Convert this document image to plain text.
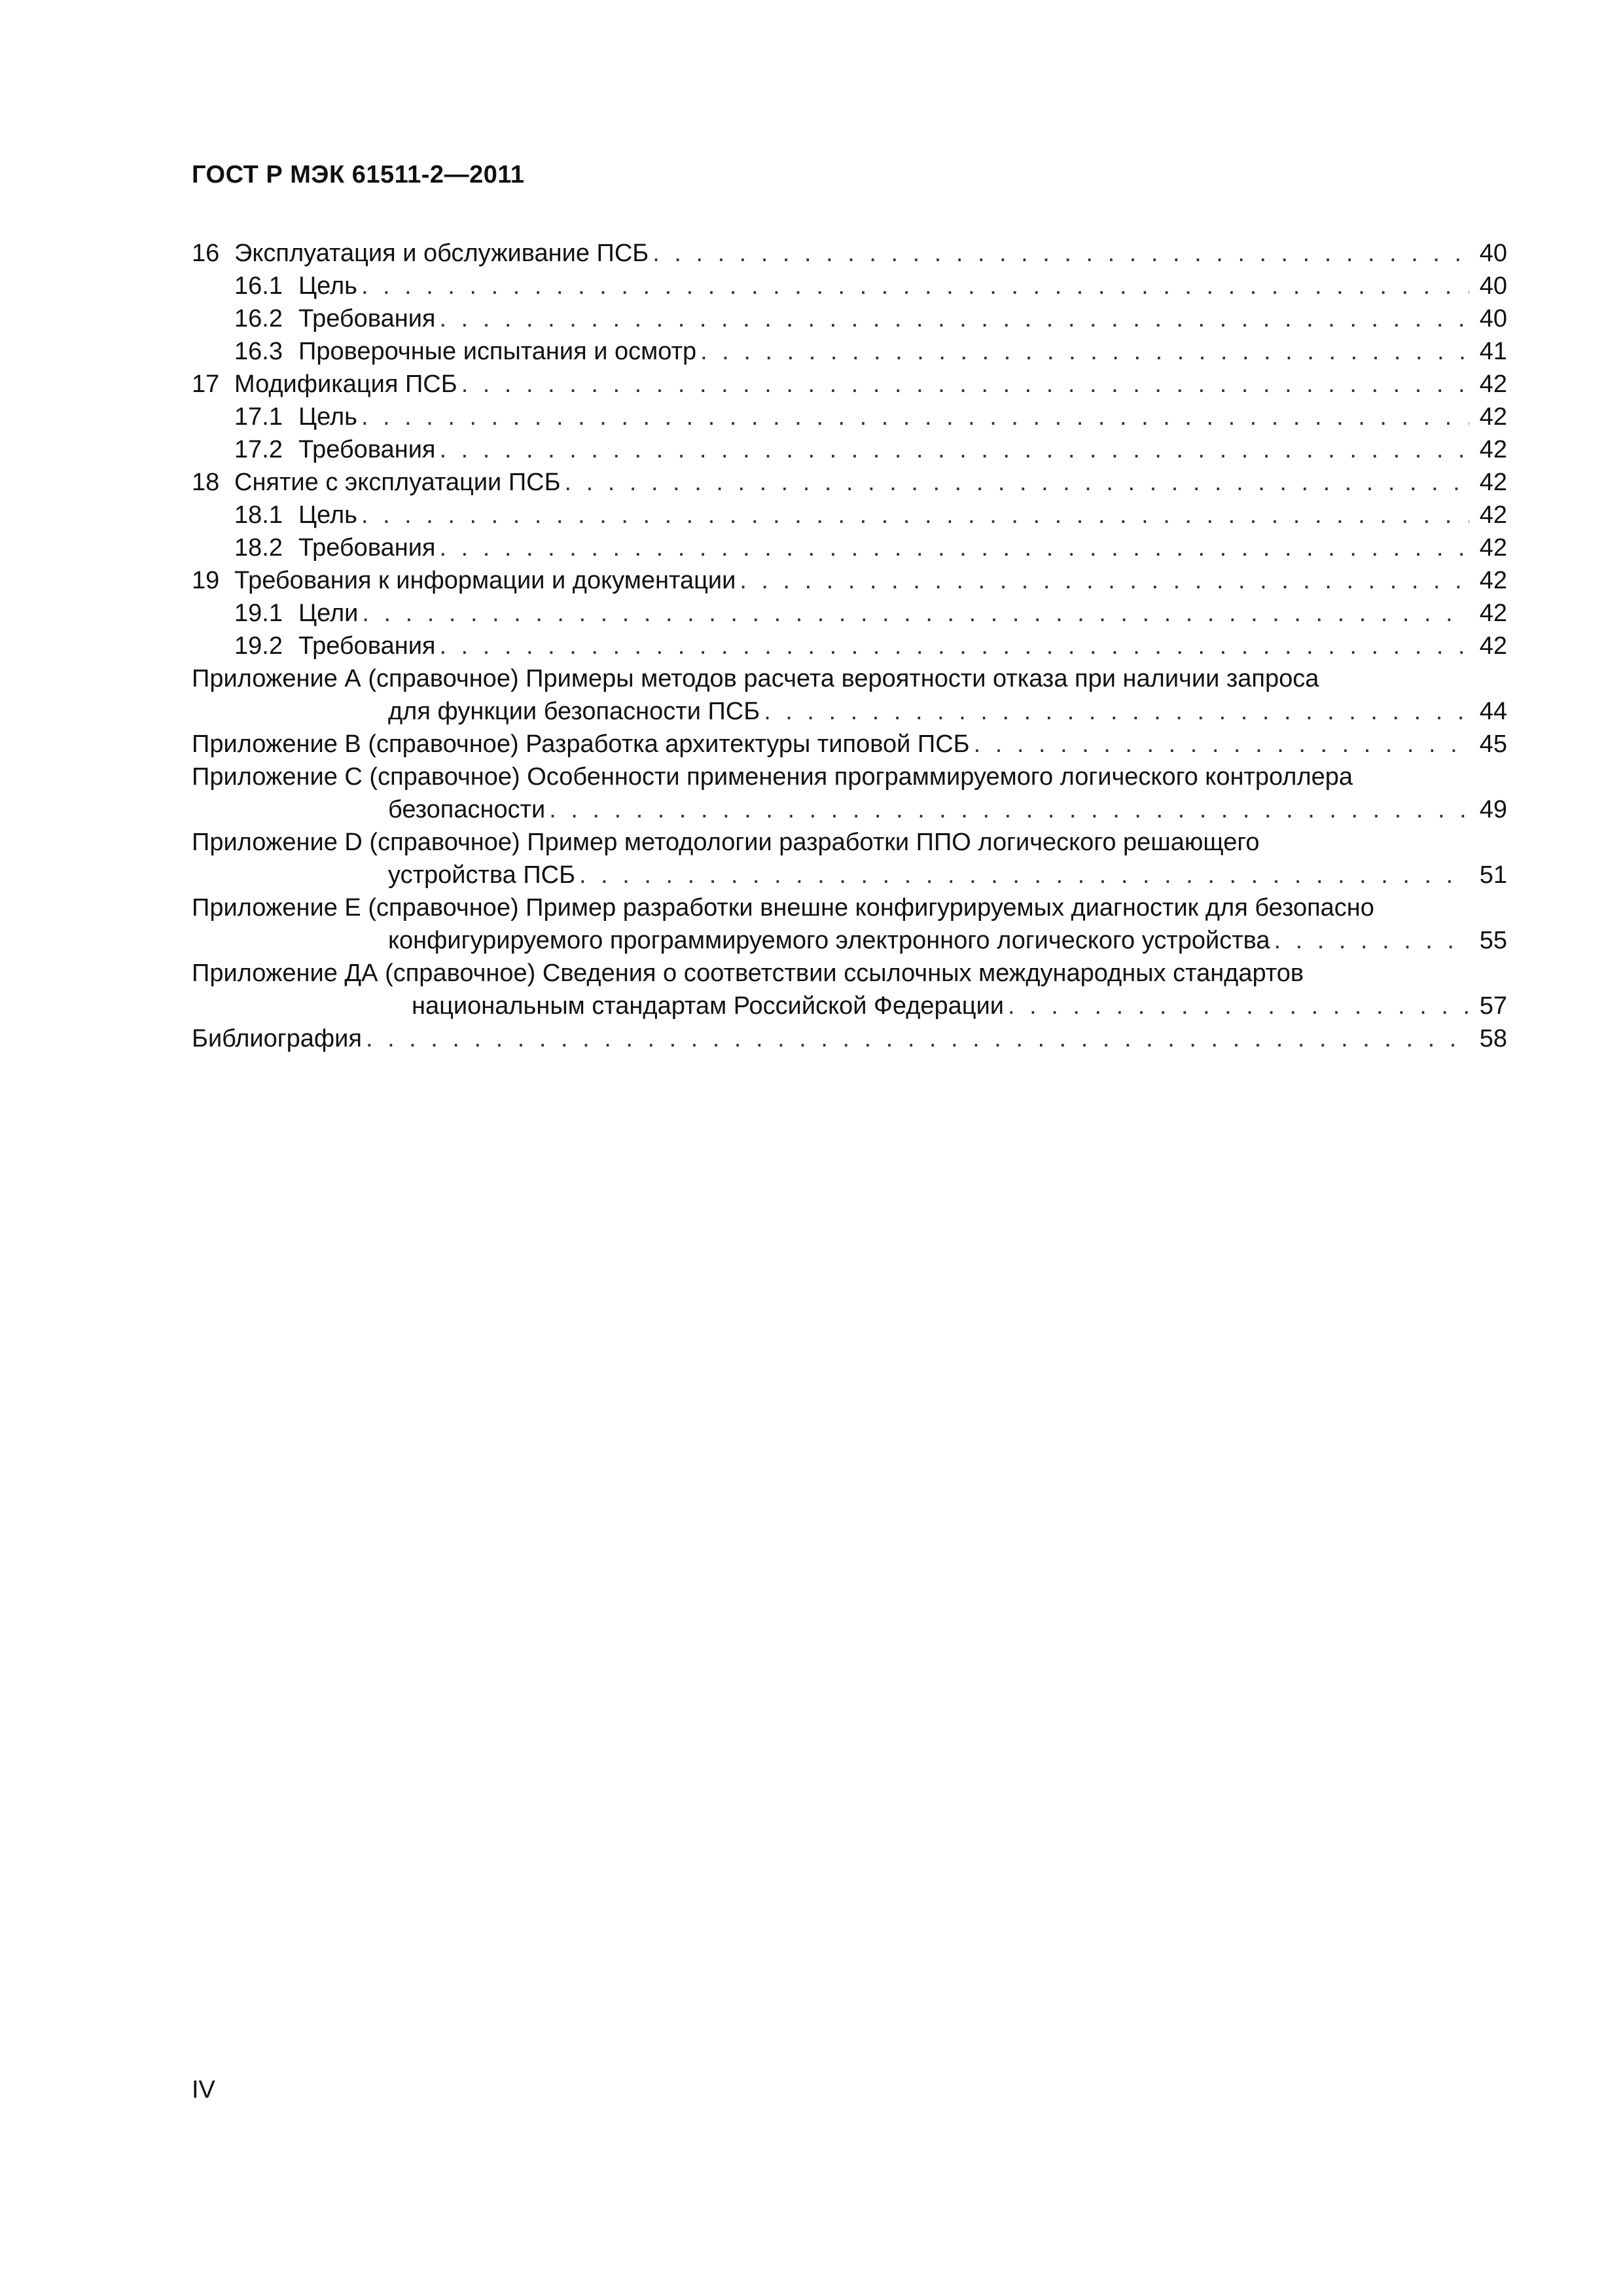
ГОСТ Р МЭК 61511-2—2011
16 Эксплуатация и обслуживание ПСБ . . .	40
16.1 Цель . . .	40
16.2 Требования . . .	40
16.3 Проверочные испытания и осмотр . . .	41
17 Модификация ПСБ . . .	42
17.1 Цель . . .	42
17.2 Требования . . .	42
18 Снятие с эксплуатации ПСБ . . .	42
18.1 Цель . . .	42
18.2 Требования . . .	42
19 Требования к информации и документации . . .	42
19.1 Цели . . .	42
19.2 Требования . . .	42
Приложение А (справочное) Примеры методов расчета вероятности отказа при наличии запроса
для функции безопасности ПСБ . . .	44
Приложение В (справочное) Разработка архитектуры типовой ПСБ . . .	45
Приложение С (справочное) Особенности применения программируемого логического контроллера
безопасности . . .	49
Приложение D (справочное) Пример методологии разработки ППО логического решающего
устройства ПСБ . . .	51
Приложение Е (справочное) Пример разработки внешне конфигурируемых диагностик для безопасно
конфигурируемого программируемого электронного логического устройства . . .	55
Приложение ДА (справочное) Сведения о соответствии ссылочных международных стандартов
национальным стандартам Российской Федерации . . .	57
Библиография . . .	58
IV
